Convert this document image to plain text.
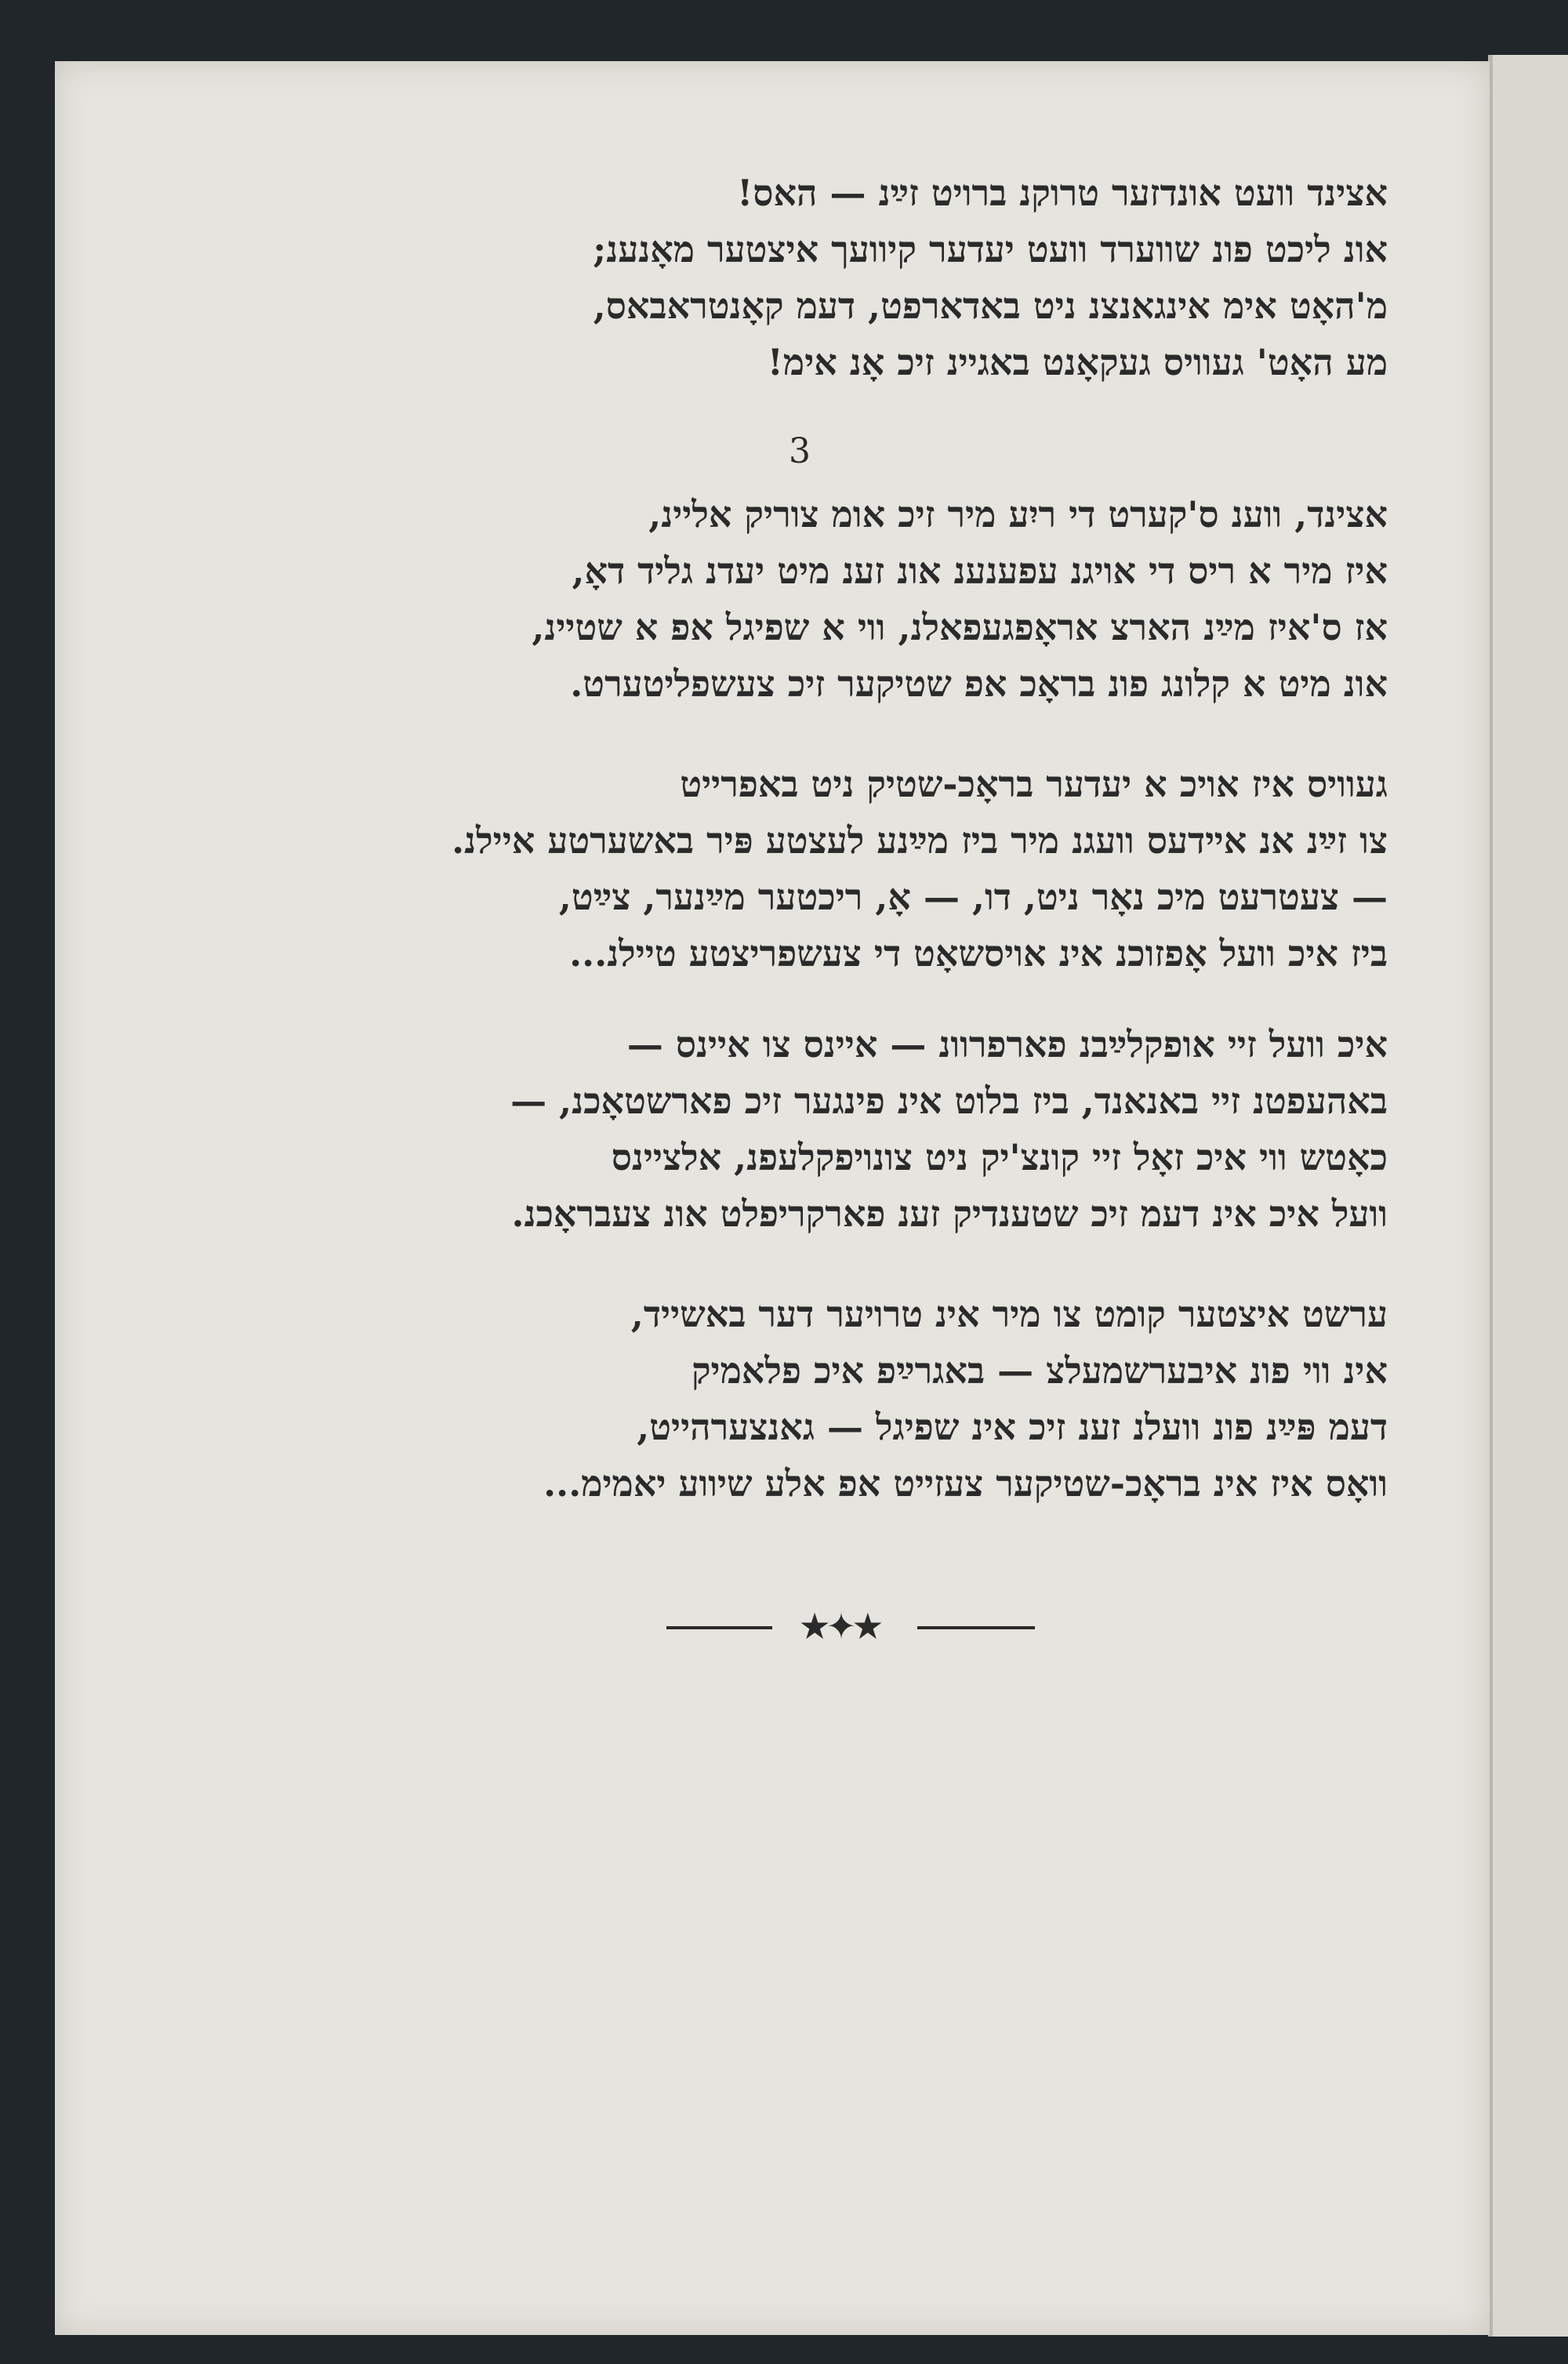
אצינד וועט אונדזער טרוקנ ברויט זײַנ — האס!
אונ ליכט פונ שווערד וועט יעדער קיוועך איצטער מאָנענ;
מ'האָט אימ אינגאנצנ ניט באדארפט, דעמ קאָנטראבאס,
מע האָט' געוויס געקאָנט באגיינ זיכ אָנ אימ!
אצינד, ווענ ס'קערט די ריִע מיר זיכ אומ צוריק אליינ,
איז מיר א ריס די אויגנ עפענענ אונ זענ מיט יעדנ גליד דאָ,
אז ס'איז מײַנ הארצ אראָפגעפאלנ, ווי א שפיגל אפ א שטיינ,
אונ מיט א קלונג פונ בראָכ אפ שטיקער זיכ צעשפליטערט.
געוויס איז אויכ א יעדער בראָכ-שטיק ניט באפרייט
צו זײַנ אנ אײדעס וועגנ מיר ביז מײַנע לעצטע פּיר באשערטע איילנ.
— צעטרעט מיכ נאָר ניט, דו, — אָ, ריכטער מײַנער, צײַט,
ביז איכ וועל אָפזוכנ אינ אויסשאָט די צעשפריצטע טיילנ...
איכ וועל זיי אופקלײַבנ פארפרוונ — איינס צו איינס —
באהעפטנ זיי באנאנד, ביז בלוט אינ פינגער זיכ פארשטאָכנ, —
כאָטש ווי איכ זאָל זיי קונצ'יק ניט צונויפקלעפנ, אלציינס
וועל איכ אינ דעמ זיכ שטענדיק זענ פארקריפלט אונ צעבראָכנ.
ערשט איצטער קומט צו מיר אינ טרויער דער באשייד,
אינ ווי פונ איבערשמעלצ — באגרײַפ איכ פלאמיק
דעמ פּײַנ פונ וועלנ זענ זיכ אינ שפיגל — גאנצערהייט,
וואָס איז אינ בראָכ-שטיקער צעזייט אפ אלע שיווע יאמימ...
3
★✦★
